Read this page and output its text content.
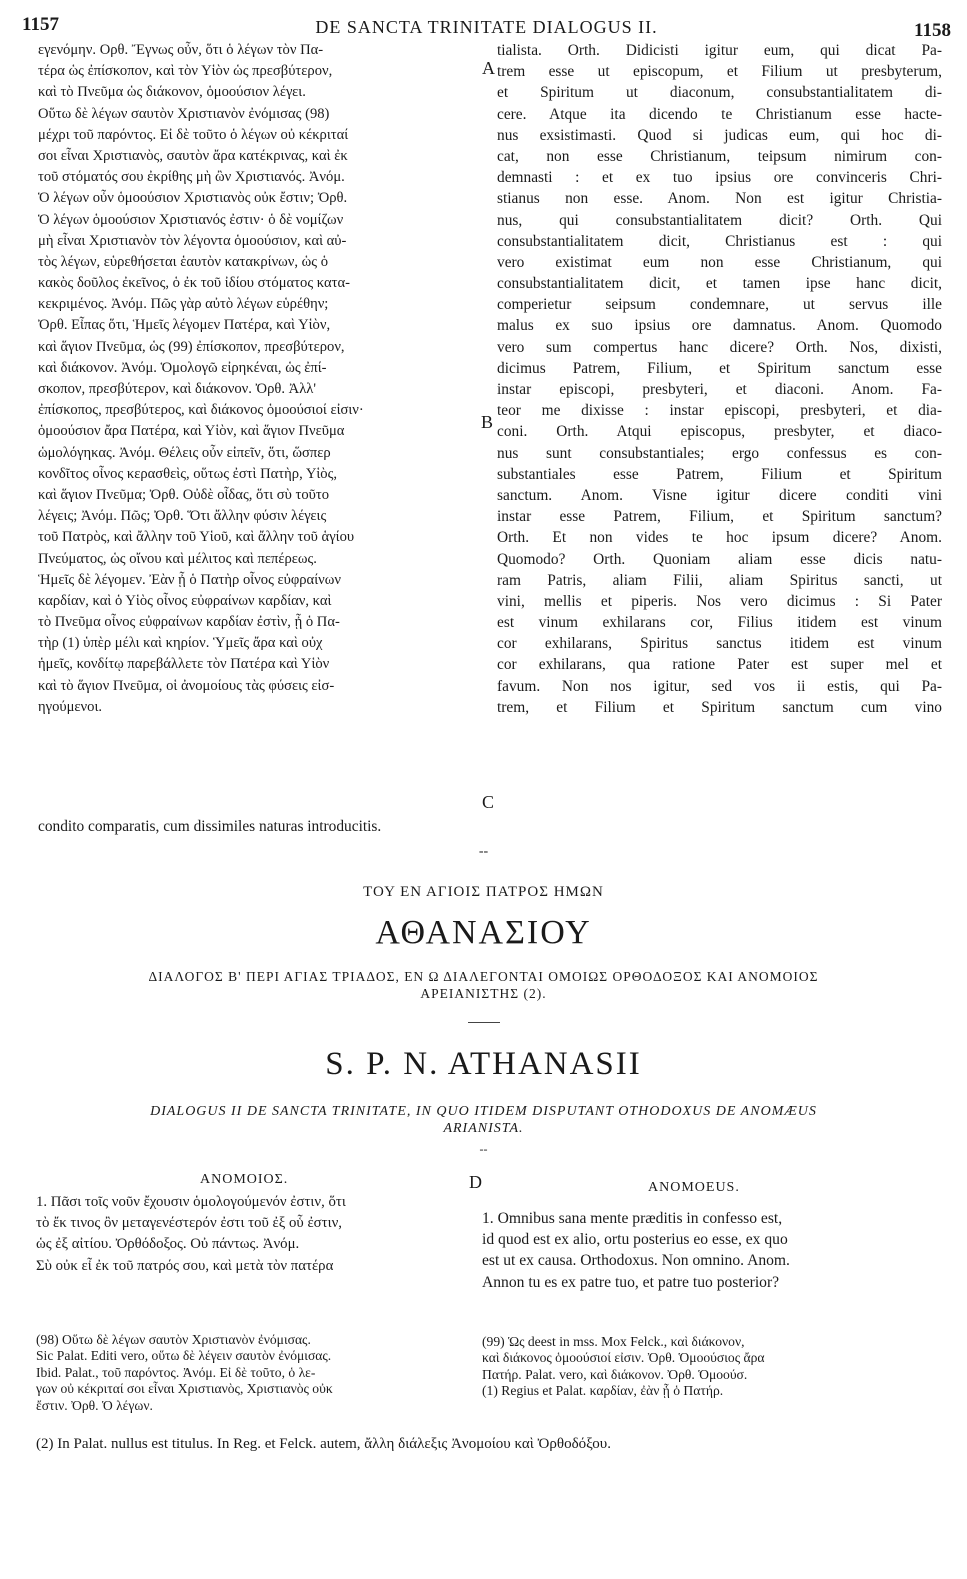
1157	DE SANCTA TRINITATE DIALOGUS II.	1158
εγενόμην. Ορθ. Ἔγνως οὖν, ὅτι ὁ λέγων τὸν Πα-
τέρα ὡς ἐπίσκοπον, καὶ τὸν Υἱὸν ὡς πρεσβύτερον,
καὶ τὸ Πνεῦμα ὡς διάκονον, ὁμοούσιον λέγει.
Οὕτω δὲ λέγων σαυτὸν Χριστιανὸν ἐνόμισας (98)
μέχρι τοῦ παρόντος. Εἰ δὲ τοῦτο ὁ λέγων οὐ κέκριταί
σοι εἶναι Χριστιανὸς, σαυτὸν ἄρα κατέκρινας, καὶ ἐκ
τοῦ στόματός σου ἐκρίθης μὴ ὢν Χριστιανός. Ἀνόμ.
Ὁ λέγων οὖν ὁμοούσιον Χριστιανὸς οὐκ ἔστιν; Ὀρθ.
Ὁ λέγων ὁμοούσιον Χριστιανός ἐστιν· ὁ δὲ νομίζων
μὴ εἶναι Χριστιανὸν τὸν λέγοντα ὁμοούσιον, καὶ αὐ-
τὸς λέγων, εὑρεθήσεται ἑαυτὸν κατακρίνων, ὡς ὁ
κακὸς δοῦλος ἐκεῖνος, ὁ ἐκ τοῦ ἰδίου στόματος κατα-
κεκριμένος. Ἀνόμ. Πῶς γὰρ αὐτὸ λέγων εὑρέθην;
Ὀρθ. Εἶπας ὅτι, Ἡμεῖς λέγομεν Πατέρα, καὶ Υἱὸν,
καὶ ἅγιον Πνεῦμα, ὡς (99) ἐπίσκοπον, πρεσβύτερον,
καὶ διάκονον. Ἀνόμ. Ὁμολογῶ εἰρηκέναι, ὡς ἐπί-
σκοπον, πρεσβύτερον, καὶ διάκονον. Ὀρθ. Ἀλλ'
ἐπίσκοπος, πρεσβύτερος, καὶ διάκονος ὁμοούσιοί εἰσιν·
ὁμοούσιον ἄρα Πατέρα, καὶ Υἱὸν, καὶ ἅγιον Πνεῦμα
ὡμολόγηκας. Ἀνόμ. Θέλεις οὖν εἰπεῖν, ὅτι, ὥσπερ
κονδῖτος οἶνος κερασθεὶς, οὕτως ἐστὶ Πατὴρ, Υἱὸς,
καὶ ἅγιον Πνεῦμα; Ὀρθ. Οὐδὲ οἶδας, ὅτι σὺ τοῦτο
λέγεις; Ἀνόμ. Πῶς; Ὀρθ. Ὅτι ἄλλην φύσιν λέγεις
τοῦ Πατρὸς, καὶ ἄλλην τοῦ Υἱοῦ, καὶ ἄλλην τοῦ ἁγίου
Πνεύματος, ὡς οἴνου καὶ μέλιτος καὶ πεπέρεως.
Ἡμεῖς δὲ λέγομεν. Ἐὰν ᾖ ὁ Πατὴρ οἶνος εὐφραίνων
καρδίαν, καὶ ὁ Υἱὸς οἶνος εὐφραίνων καρδίαν, καὶ
τὸ Πνεῦμα οἶνος εὐφραίνων καρδίαν ἐστὶν, ᾖ ὁ Πα-
τὴρ (1) ὑπὲρ μέλι καὶ κηρίον. Ὑμεῖς ἄρα καὶ οὐχ
ἡμεῖς, κονδίτῳ παρεβάλλετε τὸν Πατέρα καὶ Υἱὸν
καὶ τὸ ἅγιον Πνεῦμα, οἱ ἀνομοίους τὰς φύσεις εἰσ-
ηγούμενοι.
tialista. Orth. Didicisti igitur eum, qui dicat Pa-
trem esse ut episcopum, et Filium ut presbyterum,
et Spiritum ut diaconum, consubstantialitatem di-
cere. Atque ita dicendo te Christianum esse hacte-
nus exsistimasti. Quod si judicas eum, qui hoc di-
cat, non esse Christianum, teipsum nimirum con-
demnasti : et ex tuo ipsius ore convinceris Chri-
stianus non esse. Anom. Non est igitur Christia-
nus, qui consubstantialitatem dicit? Orth. Qui
consubstantialitatem dicit, Christianus est : qui
vero existimat eum non esse Christianum, qui
consubstantialitatem dicit, et tamen ipse hanc dicit,
comperietur seipsum condemnare, ut servus ille
malus ex suo ipsius ore damnatus. Anom. Quomodo
vero sum compertus hanc dicere? Orth. Nos, dixisti,
dicimus Patrem, Filium, et Spiritum sanctum esse
instar episcopi, presbyteri, et diaconi. Anom. Fa-
teor me dixisse : instar episcopi, presbyteri, et dia-
coni. Orth. Atqui episcopus, presbyter, et diaco-
nus sunt consubstantiales; ergo confessus es con-
substantiales esse Patrem, Filium et Spiritum
sanctum. Anom. Visne igitur dicere conditi vini
instar esse Patrem, Filium, et Spiritum sanctum?
Orth. Et non vides te hoc ipsum dicere? Anom.
Quomodo? Orth. Quoniam aliam esse dicis natu-
ram Patris, aliam Filii, aliam Spiritus sancti, ut
vini, mellis et piperis. Nos vero dicimus : Si Pater
est vinum exhilarans cor, Filius itidem est vinum
cor exhilarans, Spiritus sanctus itidem est vinum
cor exhilarans, qua ratione Pater est super mel et
favum. Non nos igitur, sed vos ii estis, qui Pa-
trem, et Filium et Spiritum sanctum cum vino
A
B
C
D
condito comparatis, cum dissimiles naturas introducitis.
--
ΤΟΥ ΕΝ ΑΓΙΟΙΣ ΠΑΤΡΟΣ ΗΜΩΝ
ΑΘΑΝΑΣΙΟΥ
ΔΙΑΛΟΓΟΣ Β' ΠΕΡΙ ΑΓΙΑΣ ΤΡΙΑΔΟΣ, ΕΝ Ω ΔΙΑΛΕΓΟΝΤΑΙ ΟΜΟΙΩΣ ΟΡΘΟΔΟΞΟΣ ΚΑΙ ΑΝΟΜΟΙΟΣ
ΑΡΕΙΑΝΙΣΤΗΣ (2).
S. P. N. ATHANASII
DIALOGUS II DE SANCTA TRINITATE, IN QUO ITIDEM DISPUTANT OTHODOXUS DE ANOMÆUS
ARIANISTA.
--
ΑΝΟΜΟΙΟΣ.
ANOMOEUS.
1. Πᾶσι τοῖς νοῦν ἔχουσιν ὁμολογούμενόν ἐστιν, ὅτι
τὸ ἔκ τινος ὂν μεταγενέστερόν ἐστι τοῦ ἐξ οὗ ἐστιν,
ὡς ἐξ αἰτίου. Ὀρθόδοξος. Οὐ πάντως. Ἀνόμ.
Σὺ οὐκ εἶ ἐκ τοῦ πατρός σου, καὶ μετὰ τὸν πατέρα
1. Omnibus sana mente præditis in confesso est,
id quod est ex alio, ortu posterius eo esse, ex quo
est ut ex causa. Orthodoxus. Non omnino. Anom.
Annon tu es ex patre tuo, et patre tuo posterior?
(98) Οὕτω δὲ λέγων σαυτὸν Χριστιανὸν ἐνόμισας.
Sic Palat. Editi vero, οὕτω δὲ λέγειν σαυτὸν ἐνόμισας.
Ibid. Palat., τοῦ παρόντος. Ἀνόμ. Εἰ δὲ τοῦτο, ὁ λε-
γων οὐ κέκριταί σοι εἶναι Χριστιανὸς, Χριστιανὸς οὐκ
ἔστιν. Ὀρθ. Ὁ λέγων.
(99) Ὡς deest in mss. Mox Felck., καὶ διάκονον,
καὶ διάκονος ὁμοούσιοί εἰσιν. Ὀρθ. Ὁμοούσιος ἄρα
Πατήρ. Palat. vero, καὶ διάκονον. Ὀρθ. Ὁμοούσ.
(1) Regius et Palat. καρδίαν, ἐὰν ᾖ ὁ Πατήρ.
(2) In Palat. nullus est titulus. In Reg. et Felck. autem, ἄλλη διάλεξις Ἀνομοίου καὶ Ὀρθοδόξου.
